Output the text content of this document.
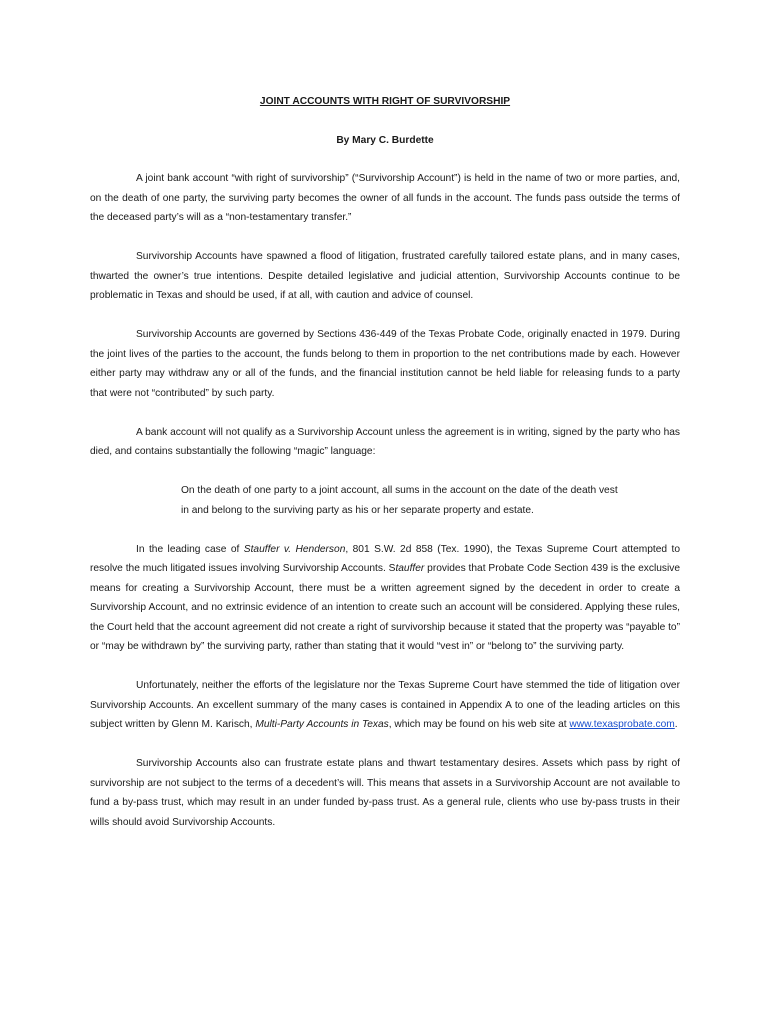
JOINT ACCOUNTS WITH RIGHT OF SURVIVORSHIP
By Mary C. Burdette

A joint bank account “with right of survivorship” (“Survivorship Account”) is held in the name of two or more parties, and, on the death of one party, the surviving party becomes the owner of all funds in the account. The funds pass outside the terms of the deceased party’s will as a “non-testamentary transfer.”

Survivorship Accounts have spawned a flood of litigation, frustrated carefully tailored estate plans, and in many cases, thwarted the owner’s true intentions. Despite detailed legislative and judicial attention, Survivorship Accounts continue to be problematic in Texas and should be used, if at all, with caution and advice of counsel.

Survivorship Accounts are governed by Sections 436-449 of the Texas Probate Code, originally enacted in 1979. During the joint lives of the parties to the account, the funds belong to them in proportion to the net contributions made by each. However either party may withdraw any or all of the funds, and the financial institution cannot be held liable for releasing funds to a party that were not “contributed” by such party.

A bank account will not qualify as a Survivorship Account unless the agreement is in writing, signed by the party who has died, and contains substantially the following “magic” language:

On the death of one party to a joint account, all sums in the account on the date of the death vest
in and belong to the surviving party as his or her separate property and estate.

In the leading case of Stauffer v. Henderson, 801 S.W. 2d 858 (Tex. 1990), the Texas Supreme Court attempted to resolve the much litigated issues involving Survivorship Accounts. Stauffer provides that Probate Code Section 439 is the exclusive means for creating a Survivorship Account, there must be a written agreement signed by the decedent in order to create a Survivorship Account, and no extrinsic evidence of an intention to create such an account will be considered. Applying these rules, the Court held that the account agreement did not create a right of survivorship because it stated that the property was “payable to” or “may be withdrawn by” the surviving party, rather than stating that it would “vest in” or “belong to” the surviving party.

Unfortunately, neither the efforts of the legislature nor the Texas Supreme Court have stemmed the tide of litigation over Survivorship Accounts. An excellent summary of the many cases is contained in Appendix A to one of the leading articles on this subject written by Glenn M. Karisch, Multi-Party Accounts in Texas, which may be found on his web site at www.texasprobate.com.

Survivorship Accounts also can frustrate estate plans and thwart testamentary desires. Assets which pass by right of survivorship are not subject to the terms of a decedent’s will. This means that assets in a Survivorship Account are not available to fund a by-pass trust, which may result in an under funded by-pass trust. As a general rule, clients who use by-pass trusts in their wills should avoid Survivorship Accounts.
